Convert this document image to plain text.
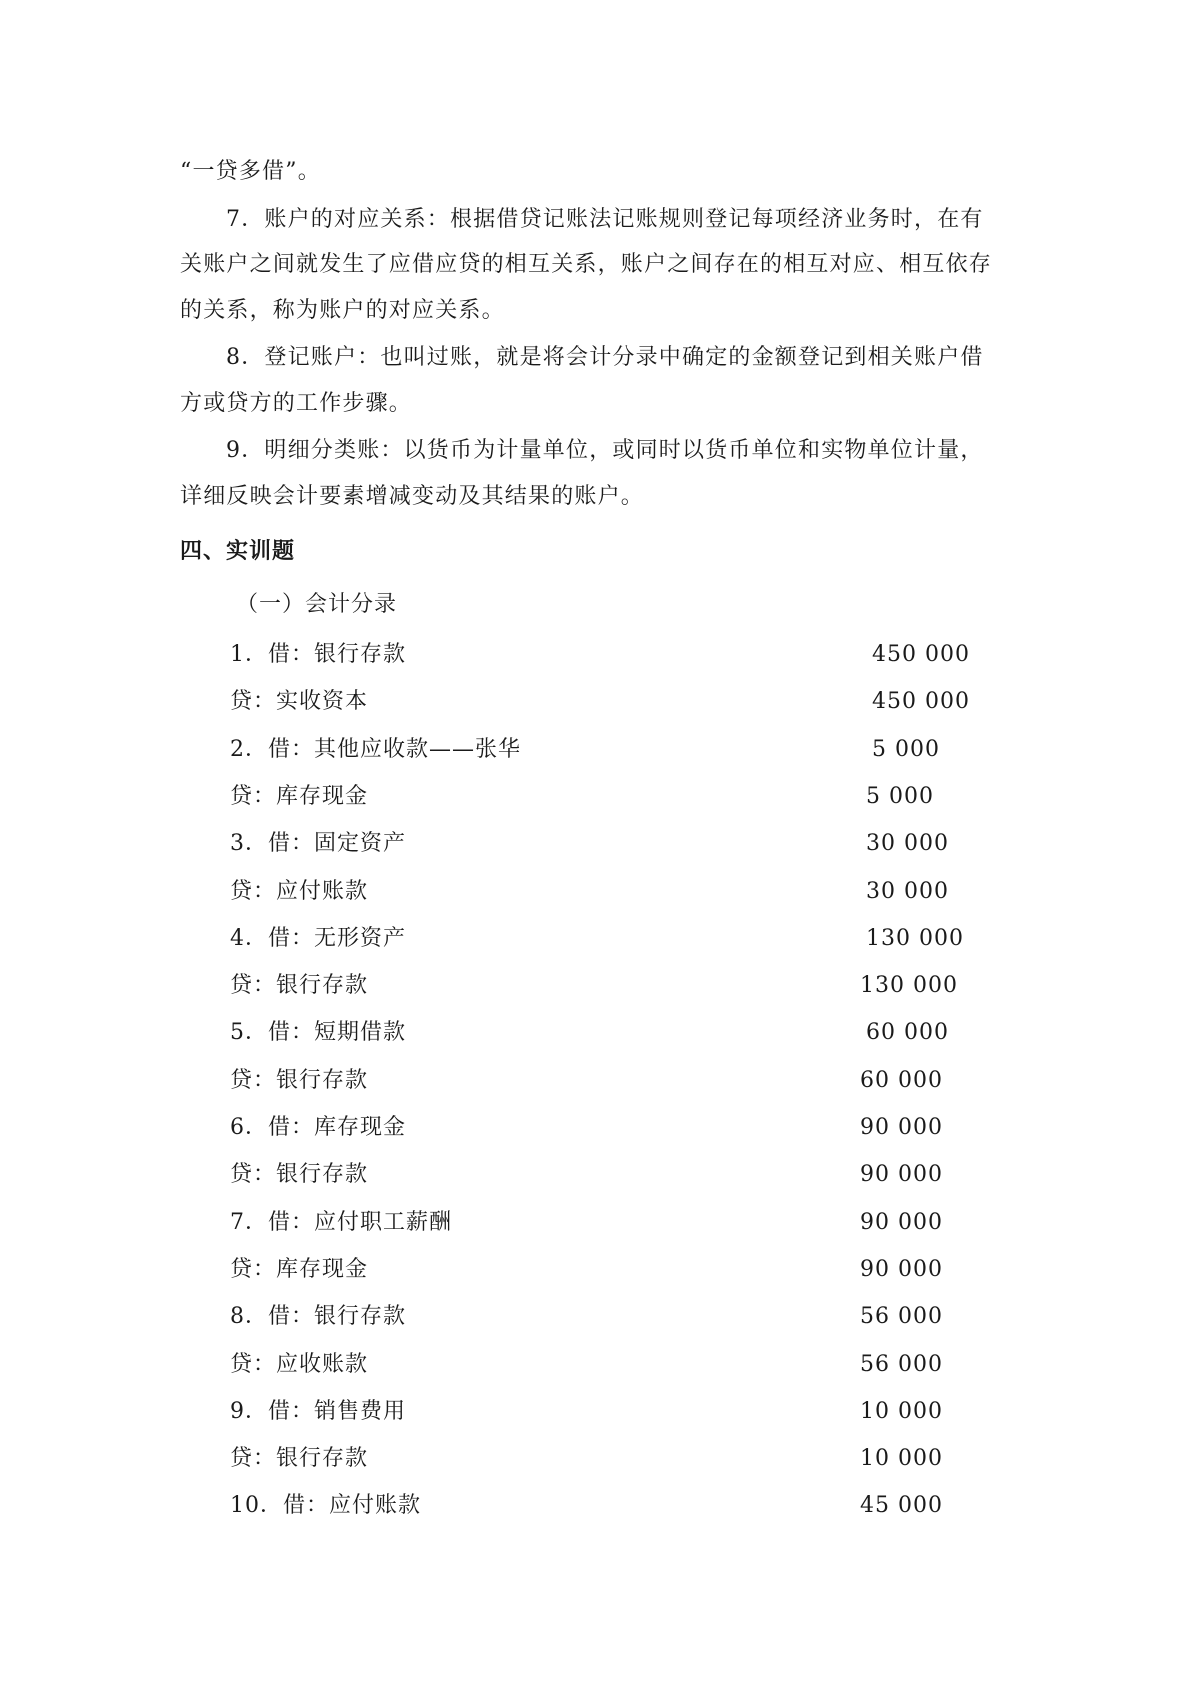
“一贷多借”。
7．账户的对应关系：根据借贷记账法记账规则登记每项经济业务时，在有
关账户之间就发生了应借应贷的相互关系，账户之间存在的相互对应、相互依存
的关系，称为账户的对应关系。
8．登记账户：也叫过账，就是将会计分录中确定的金额登记到相关账户借
方或贷方的工作步骤。
9．明细分类账：以货币为计量单位，或同时以货币单位和实物单位计量，
详细反映会计要素增减变动及其结果的账户。
四、实训题
（一）会计分录
1．借：银行存款	450 000
贷：实收资本	450 000
2．借：其他应收款——张华	5 000
贷：库存现金	5 000
3．借：固定资产	30 000
贷：应付账款	30 000
4．借：无形资产	130 000
贷：银行存款	130 000
5．借：短期借款	60 000
贷：银行存款	60 000
6．借：库存现金	90 000
贷：银行存款	90 000
7．借：应付职工薪酬	90 000
贷：库存现金	90 000
8．借：银行存款	56 000
贷：应收账款	56 000
9．借：销售费用	10 000
贷：银行存款	10 000
10．借：应付账款	45 000
